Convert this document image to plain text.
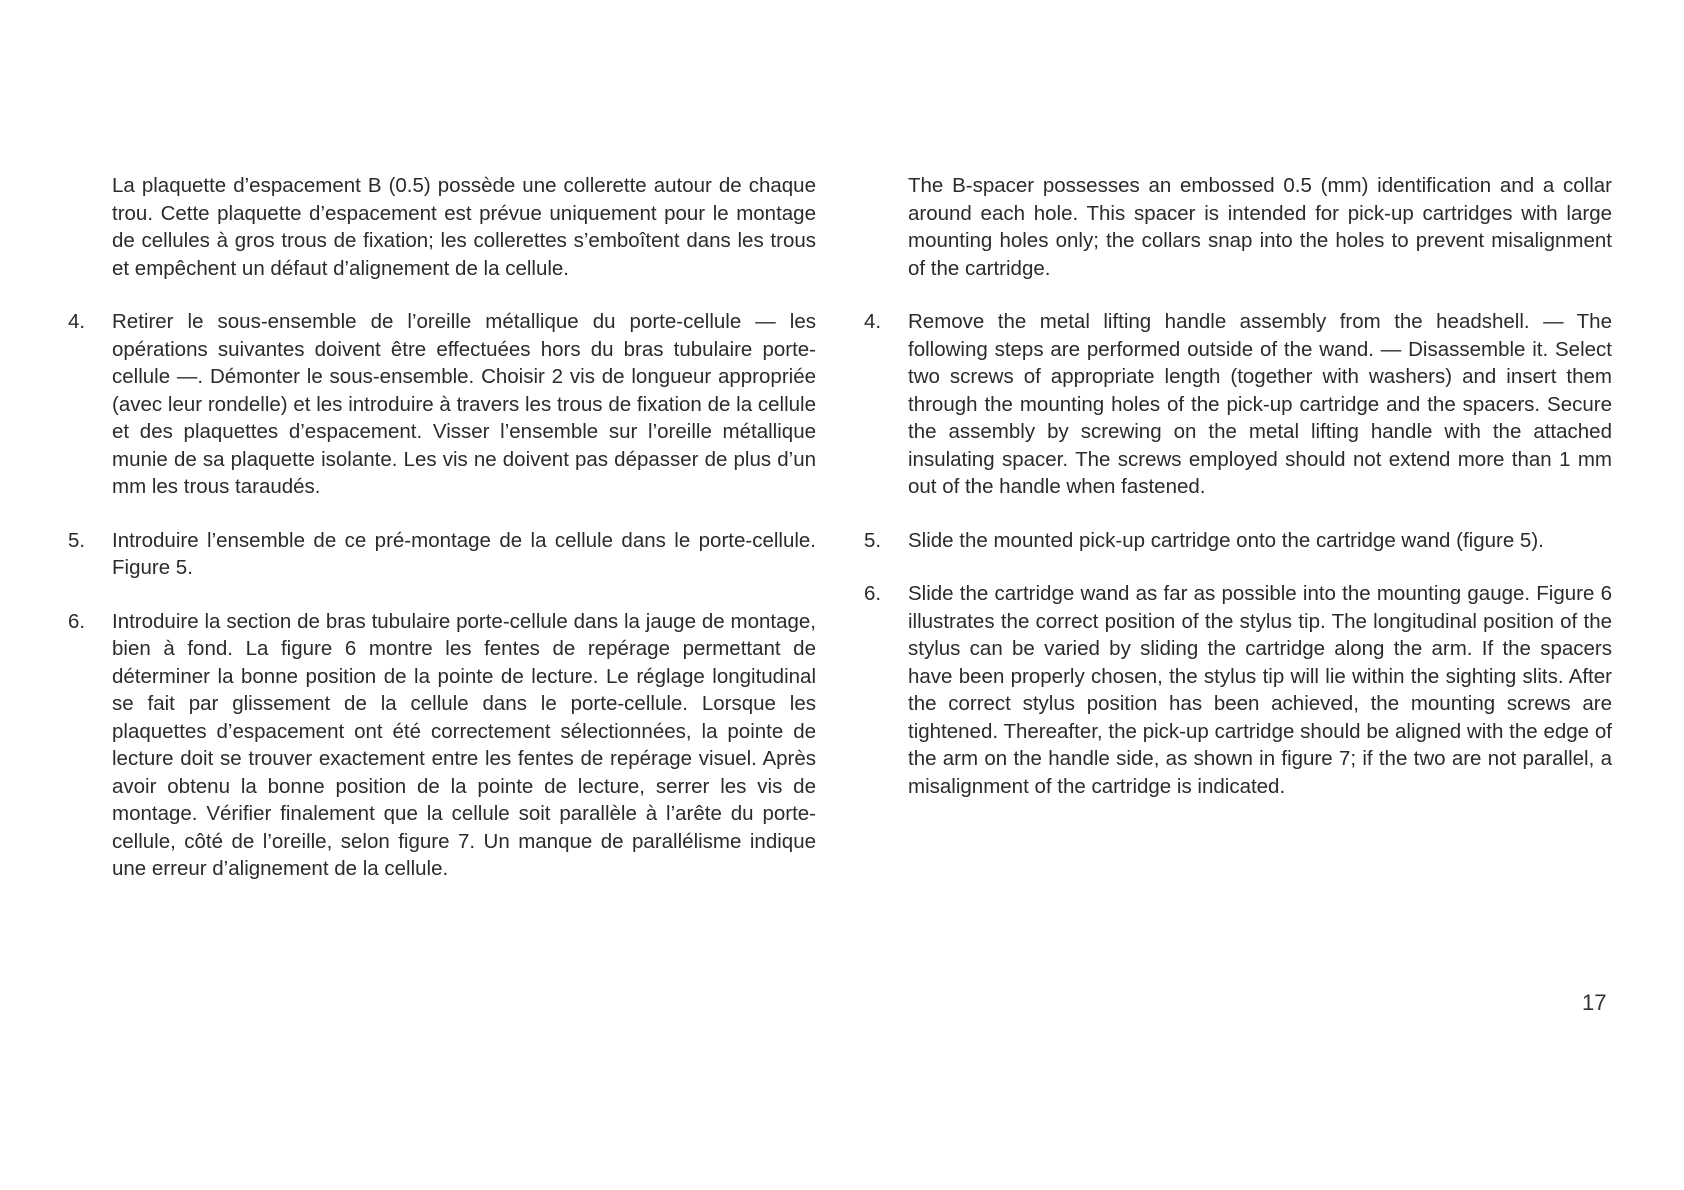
La plaquette d’espacement B (0.5) possède une collerette autour de chaque trou. Cette plaquette d’espacement est prévue uniquement pour le montage de cellules à gros trous de fixation; les collerettes s’emboîtent dans les trous et empêchent un défaut d’alignement de la cellule.

4.	Retirer le sous-ensemble de l’oreille métallique du porte-cellule — les opérations suivantes doivent être effectuées hors du bras tubulaire porte-cellule —. Démonter le sous-ensemble. Choisir 2 vis de longueur appropriée (avec leur rondelle) et les introduire à travers les trous de fixation de la cellule et des plaquettes d’espacement. Visser l’ensemble sur l’oreille métallique munie de sa plaquette isolante. Les vis ne doivent pas dépasser de plus d’un mm les trous taraudés.
5.	Introduire l’ensemble de ce pré-montage de la cellule dans le porte-cellule. Figure 5.
6.	Introduire la section de bras tubulaire porte-cellule dans la jauge de montage, bien à fond. La figure 6 montre les fentes de repérage permettant de déterminer la bonne position de la pointe de lecture. Le réglage longitudinal se fait par glissement de la cellule dans le porte-cellule. Lorsque les plaquettes d’espacement ont été correctement sélectionnées, la pointe de lecture doit se trouver exactement entre les fentes de repérage visuel. Après avoir obtenu la bonne position de la pointe de lecture, serrer les vis de montage. Vérifier finalement que la cellule soit parallèle à l’arête du porte-cellule, côté de l’oreille, selon figure 7. Un manque de parallélisme indique une erreur d’alignement de la cellule.

The B-spacer possesses an embossed 0.5 (mm) identification and a collar around each hole. This spacer is intended for pick-up cartridges with large mounting holes only; the collars snap into the holes to prevent misalignment of the cartridge.

4.	Remove the metal lifting handle assembly from the headshell. — The following steps are performed outside of the wand. — Disassemble it. Select two screws of appropriate length (together with washers) and insert them through the mounting holes of the pick-up cartridge and the spacers. Secure the assembly by screwing on the metal lifting handle with the attached insulating spacer. The screws employed should not extend more than 1 mm out of the handle when fastened.
5.	Slide the mounted pick-up cartridge onto the cartridge wand (figure 5).
6.	Slide the cartridge wand as far as possible into the mounting gauge. Figure 6 illustrates the correct position of the stylus tip. The longitudinal position of the stylus can be varied by sliding the cartridge along the arm. If the spacers have been properly chosen, the stylus tip will lie within the sighting slits. After the correct stylus position has been achieved, the mounting screws are tightened. Thereafter, the pick-up cartridge should be aligned with the edge of the arm on the handle side, as shown in figure 7; if the two are not parallel, a misalignment of the cartridge is indicated.
17
